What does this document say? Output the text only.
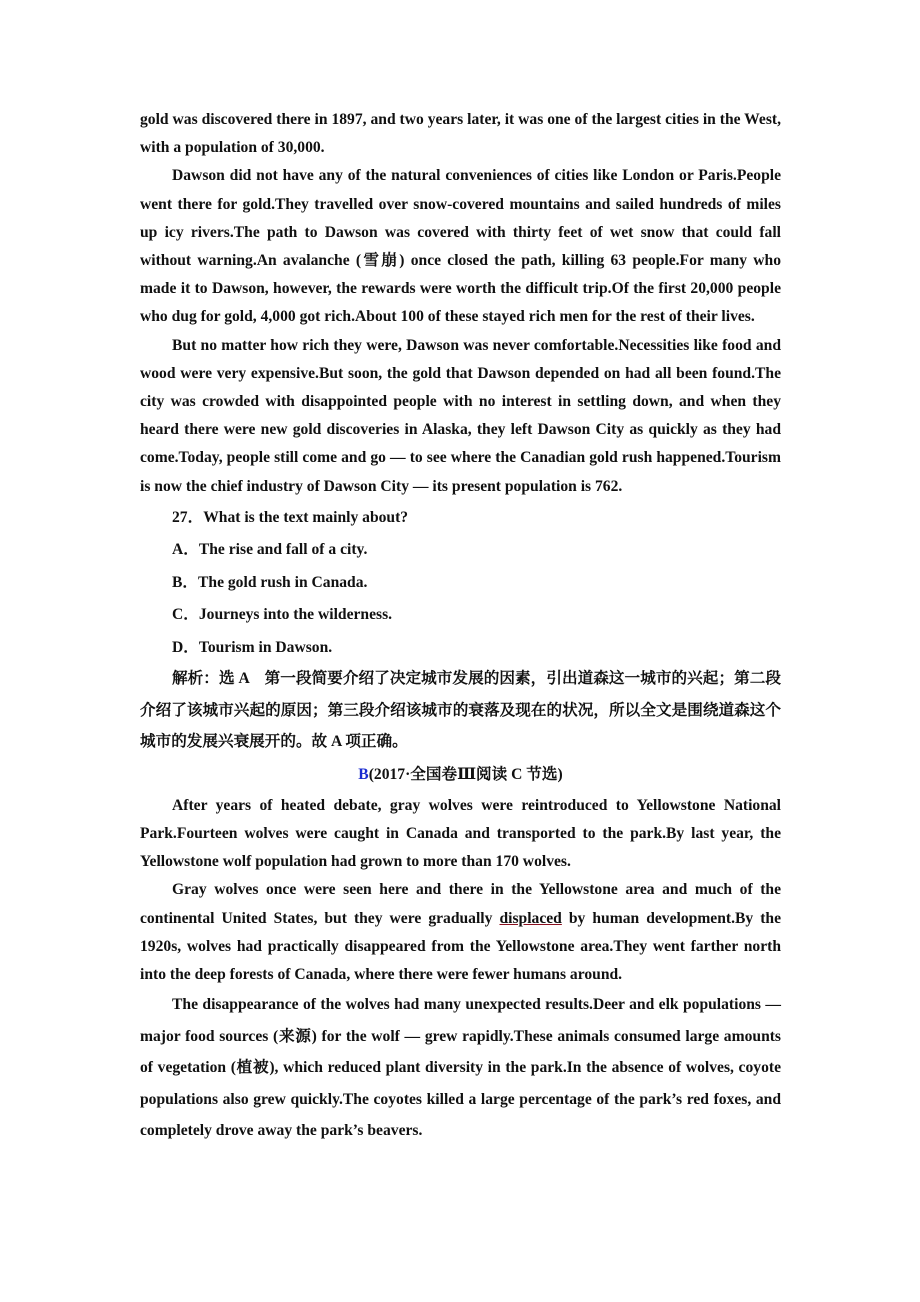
gold was discovered there in 1897, and two years later, it was one of the largest cities in the West, with a population of 30,000.

Dawson did not have any of the natural conveniences of cities like London or Paris.People went there for gold.They travelled over snow-covered mountains and sailed hundreds of miles up icy rivers.The path to Dawson was covered with thirty feet of wet snow that could fall without warning.An avalanche (雪崩) once closed the path, killing 63 people.For many who made it to Dawson, however, the rewards were worth the difficult trip.Of the first 20,000 people who dug for gold, 4,000 got rich.About 100 of these stayed rich men for the rest of their lives.

But no matter how rich they were, Dawson was never comfortable.Necessities like food and wood were very expensive.But soon, the gold that Dawson depended on had all been found.The city was crowded with disappointed people with no interest in settling down, and when they heard there were new gold discoveries in Alaska, they left Dawson City as quickly as they had come.Today, people still come and go — to see where the Canadian gold rush happened.Tourism is now the chief industry of Dawson City — its present population is 762.

27．What is the text mainly about?

A．The rise and fall of a city.

B．The gold rush in Canada.

C．Journeys into the wilderness.

D．Tourism in Dawson.

解析：选 A　第一段简要介绍了决定城市发展的因素，引出道森这一城市的兴起；第二段介绍了该城市兴起的原因；第三段介绍该城市的衰落及现在的状况，所以全文是围绕道森这个城市的发展兴衰展开的。故 A 项正确。

B(2017·全国卷Ⅲ阅读 C 节选)

After years of heated debate, gray wolves were reintroduced to Yellowstone National Park.Fourteen wolves were caught in Canada and transported to the park.By last year, the Yellowstone wolf population had grown to more than 170 wolves.

Gray wolves once were seen here and there in the Yellowstone area and much of the continental United States, but they were gradually displaced by human development.By the 1920s, wolves had practically disappeared from the Yellowstone area.They went farther north into the deep forests of Canada, where there were fewer humans around.

The disappearance of the wolves had many unexpected results.Deer and elk populations — major food sources (来源) for the wolf — grew rapidly.These animals consumed large amounts of vegetation (植被), which reduced plant diversity in the park.In the absence of wolves, coyote populations also grew quickly.The coyotes killed a large percentage of the park’s red foxes, and completely drove away the park’s beavers.
